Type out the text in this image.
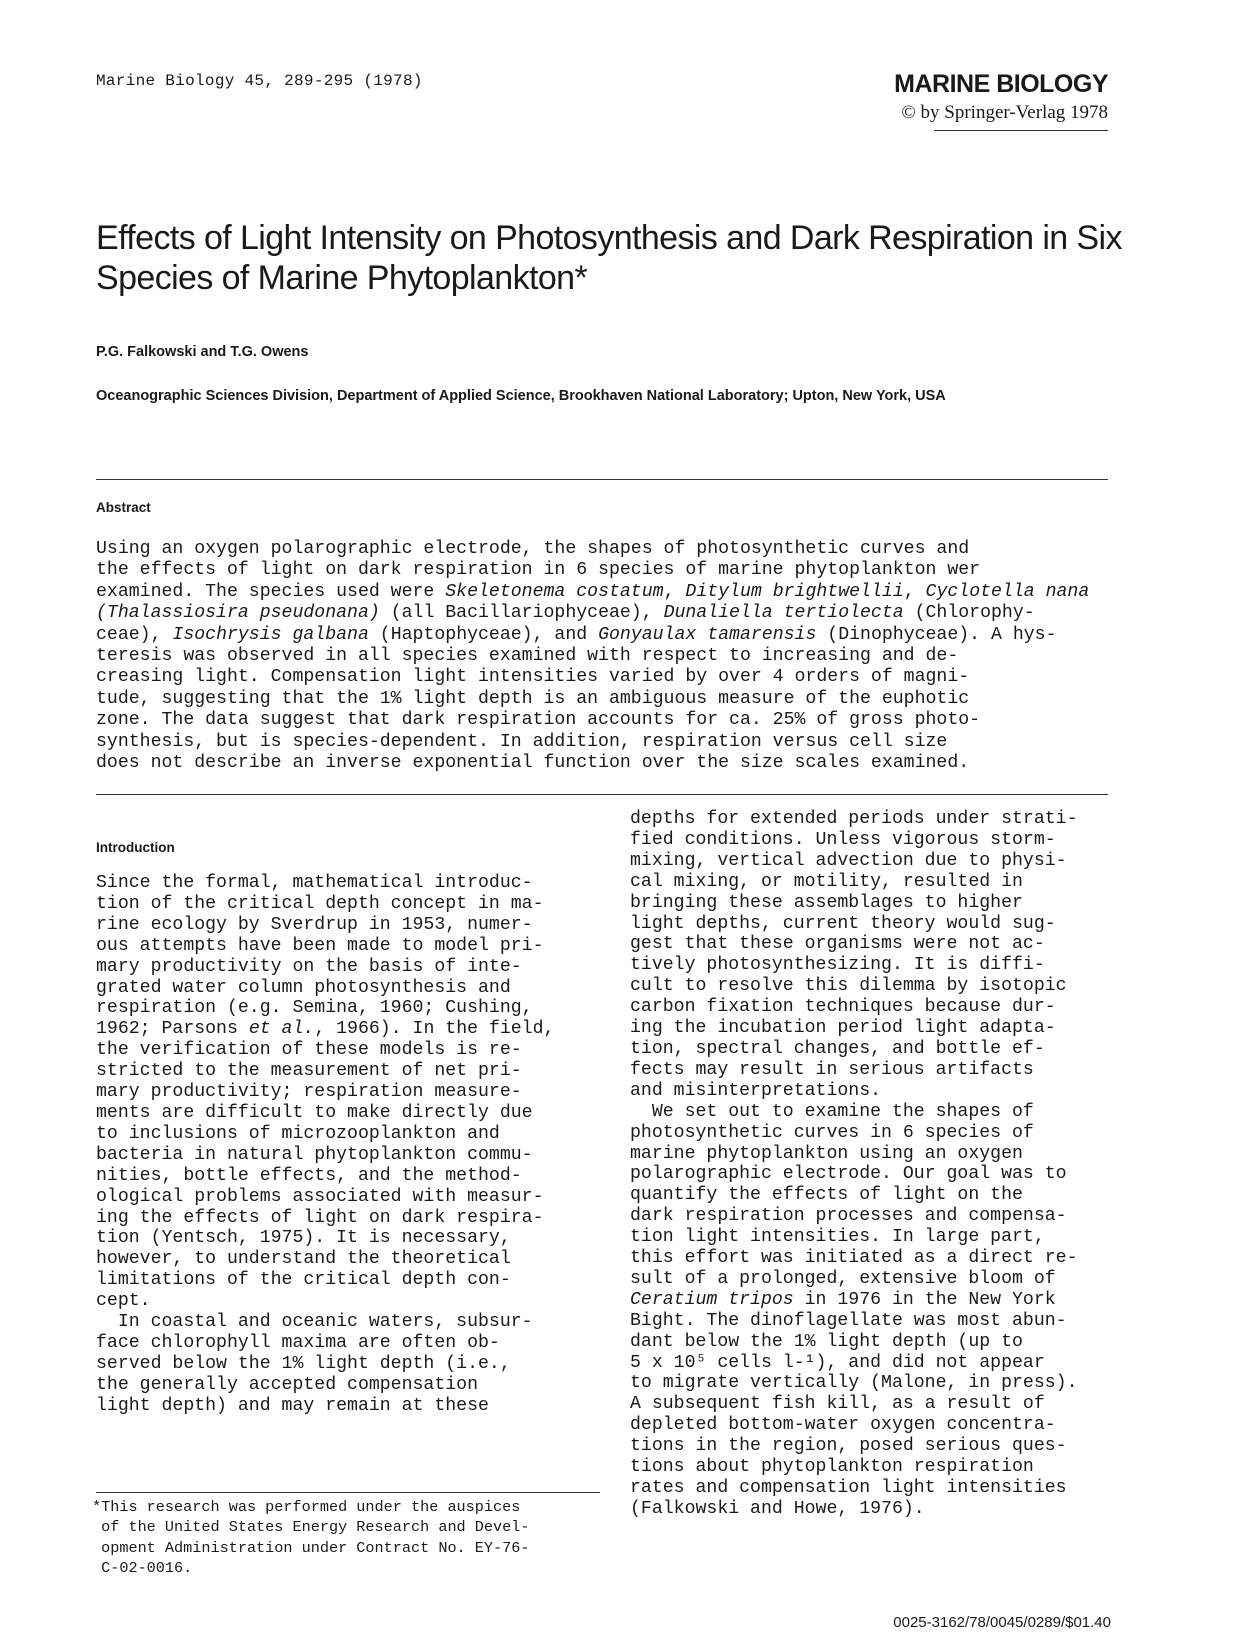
Marine Biology 45, 289-295 (1978)	MARINE BIOLOGY
© by Springer-Verlag 1978
Effects of Light Intensity on Photosynthesis and Dark Respiration in Six Species of Marine Phytoplankton*
P.G. Falkowski and T.G. Owens
Oceanographic Sciences Division, Department of Applied Science, Brookhaven National Laboratory; Upton, New York, USA
Abstract
Using an oxygen polarographic electrode, the shapes of photosynthetic curves and
the effects of light on dark respiration in 6 species of marine phytoplankton wer
examined. The species used were Skeletonema costatum, Ditylum brightwellii, Cyclotella nana
(Thalassiosira pseudonana) (all Bacillariophyceae), Dunaliella tertiolecta (Chlorophy-
ceae), Isochrysis galbana (Haptophyceae), and Gonyaulax tamarensis (Dinophyceae). A hys-
teresis was observed in all species examined with respect to increasing and de-
creasing light. Compensation light intensities varied by over 4 orders of magni-
tude, suggesting that the 1% light depth is an ambiguous measure of the euphotic
zone. The data suggest that dark respiration accounts for ca. 25% of gross photo-
synthesis, but is species-dependent. In addition, respiration versus cell size
does not describe an inverse exponential function over the size scales examined.
Introduction
Since the formal, mathematical introduc-
tion of the critical depth concept in ma-
rine ecology by Sverdrup in 1953, numer-
ous attempts have been made to model pri-
mary productivity on the basis of inte-
grated water column photosynthesis and
respiration (e.g. Semina, 1960; Cushing,
1962; Parsons et al., 1966). In the field,
the verification of these models is re-
stricted to the measurement of net pri-
mary productivity; respiration measure-
ments are difficult to make directly due
to inclusions of microzooplankton and
bacteria in natural phytoplankton commu-
nities, bottle effects, and the method-
ological problems associated with measur-
ing the effects of light on dark respira-
tion (Yentsch, 1975). It is necessary,
however, to understand the theoretical
limitations of the critical depth con-
cept.
In coastal and oceanic waters, subsur-
face chlorophyll maxima are often ob-
served below the 1% light depth (i.e.,
the generally accepted compensation
light depth) and may remain at these
depths for extended periods under strati-
fied conditions. Unless vigorous storm-
mixing, vertical advection due to physi-
cal mixing, or motility, resulted in
bringing these assemblages to higher
light depths, current theory would sug-
gest that these organisms were not ac-
tively photosynthesizing. It is diffi-
cult to resolve this dilemma by isotopic
carbon fixation techniques because dur-
ing the incubation period light adapta-
tion, spectral changes, and bottle ef-
fects may result in serious artifacts
and misinterpretations.
We set out to examine the shapes of
photosynthetic curves in 6 species of
marine phytoplankton using an oxygen
polarographic electrode. Our goal was to
quantify the effects of light on the
dark respiration processes and compensa-
tion light intensities. In large part,
this effort was initiated as a direct re-
sult of a prolonged, extensive bloom of
Ceratium tripos in 1976 in the New York
Bight. The dinoflagellate was most abun-
dant below the 1% light depth (up to
5 x 10⁵ cells l-¹), and did not appear
to migrate vertically (Malone, in press).
A subsequent fish kill, as a result of
depleted bottom-water oxygen concentra-
tions in the region, posed serious ques-
tions about phytoplankton respiration
rates and compensation light intensities
(Falkowski and Howe, 1976).
*This research was performed under the auspices
of the United States Energy Research and Devel-
opment Administration under Contract No. EY-76-
C-02-0016.
0025-3162/78/0045/0289/$01.40
